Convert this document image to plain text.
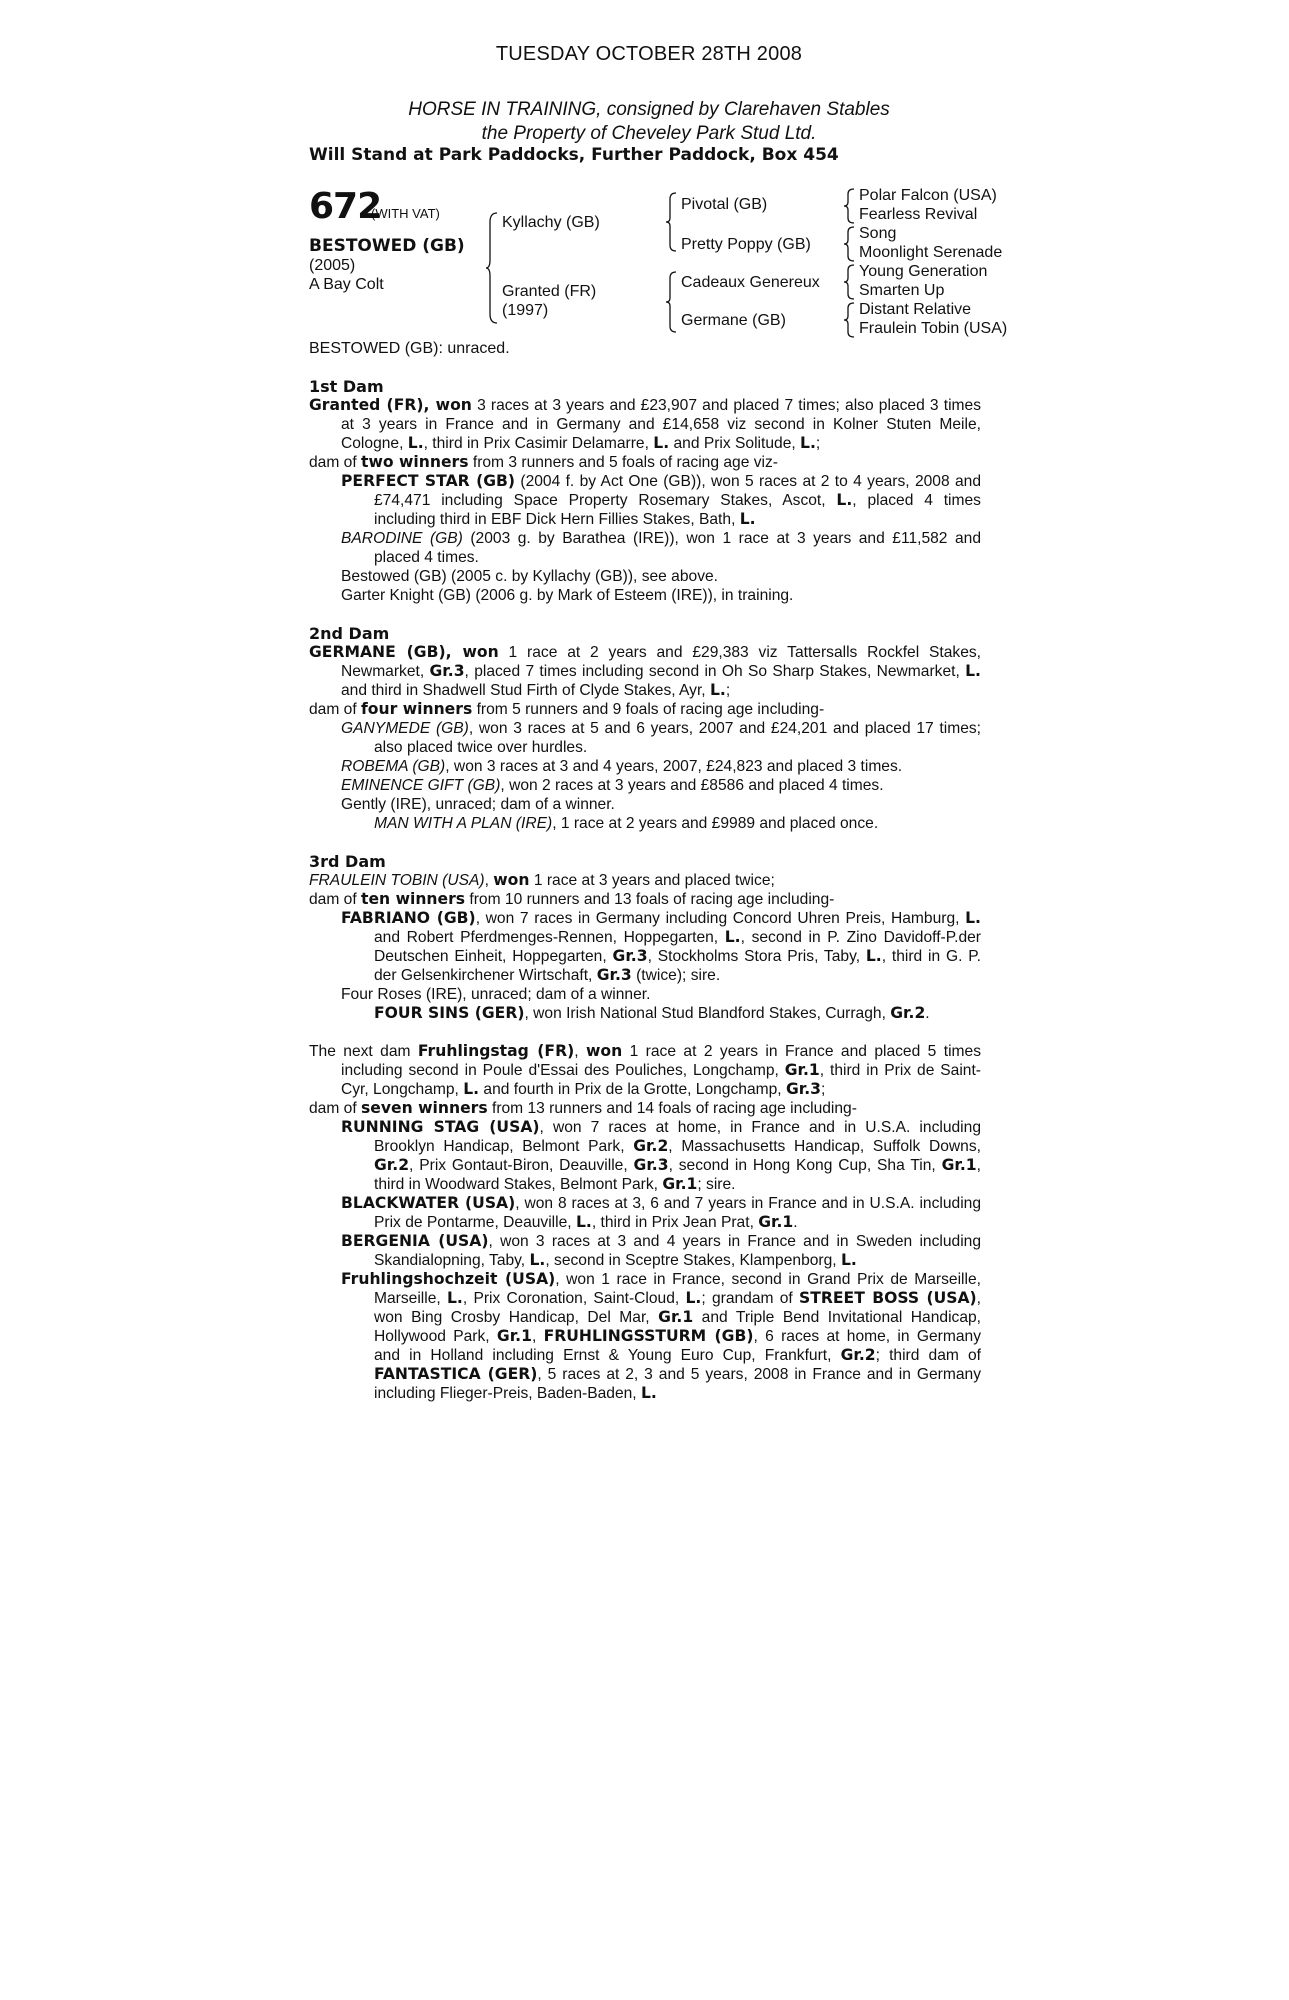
TUESDAY OCTOBER 28TH 2008
HORSE IN TRAINING, consigned by Clarehaven Stables
the Property of Cheveley Park Stud Ltd.
Will Stand at Park Paddocks, Further Paddock, Box 454
672
(WITH VAT)
BESTOWED (GB)
(2005)
A Bay Colt
Kyllachy (GB)
Granted (FR)
(1997)
Pivotal (GB)
Pretty Poppy (GB)
Cadeaux Genereux
Germane (GB)
Polar Falcon (USA)
Fearless Revival
Song
Moonlight Serenade
Young Generation
Smarten Up
Distant Relative
Fraulein Tobin (USA)
BESTOWED (GB): unraced.

1st Dam

Granted (FR), won 3 races at 3 years and £23,907 and placed 7 times; also placed 3 times at 3 years in France and in Germany and £14,658 viz second in Kolner Stuten Meile, Cologne, L., third in Prix Casimir Delamarre, L. and Prix Solitude, L.;

dam of two winners from 3 runners and 5 foals of racing age viz-

PERFECT STAR (GB) (2004 f. by Act One (GB)), won 5 races at 2 to 4 years, 2008 and £74,471 including Space Property Rosemary Stakes, Ascot, L., placed 4 times including third in EBF Dick Hern Fillies Stakes, Bath, L.

BARODINE (GB) (2003 g. by Barathea (IRE)), won 1 race at 3 years and £11,582 and placed 4 times.

Bestowed (GB) (2005 c. by Kyllachy (GB)), see above.

Garter Knight (GB) (2006 g. by Mark of Esteem (IRE)), in training.

2nd Dam

GERMANE (GB), won 1 race at 2 years and £29,383 viz Tattersalls Rockfel Stakes, Newmarket, Gr.3, placed 7 times including second in Oh So Sharp Stakes, Newmarket, L. and third in Shadwell Stud Firth of Clyde Stakes, Ayr, L.;

dam of four winners from 5 runners and 9 foals of racing age including-

GANYMEDE (GB), won 3 races at 5 and 6 years, 2007 and £24,201 and placed 17 times; also placed twice over hurdles.

ROBEMA (GB), won 3 races at 3 and 4 years, 2007, £24,823 and placed 3 times.

EMINENCE GIFT (GB), won 2 races at 3 years and £8586 and placed 4 times.

Gently (IRE), unraced; dam of a winner.

MAN WITH A PLAN (IRE), 1 race at 2 years and £9989 and placed once.

3rd Dam

FRAULEIN TOBIN (USA), won 1 race at 3 years and placed twice;

dam of ten winners from 10 runners and 13 foals of racing age including-

FABRIANO (GB), won 7 races in Germany including Concord Uhren Preis, Hamburg, L. and Robert Pferdmenges-Rennen, Hoppegarten, L., second in P. Zino Davidoff-P.der Deutschen Einheit, Hoppegarten, Gr.3, Stockholms Stora Pris, Taby, L., third in G. P. der Gelsenkirchener Wirtschaft, Gr.3 (twice); sire.

Four Roses (IRE), unraced; dam of a winner.

FOUR SINS (GER), won Irish National Stud Blandford Stakes, Curragh, Gr.2.

The next dam Fruhlingstag (FR), won 1 race at 2 years in France and placed 5 times including second in Poule d'Essai des Pouliches, Longchamp, Gr.1, third in Prix de Saint-Cyr, Longchamp, L. and fourth in Prix de la Grotte, Longchamp, Gr.3;

dam of seven winners from 13 runners and 14 foals of racing age including-

RUNNING STAG (USA), won 7 races at home, in France and in U.S.A. including Brooklyn Handicap, Belmont Park, Gr.2, Massachusetts Handicap, Suffolk Downs, Gr.2, Prix Gontaut-Biron, Deauville, Gr.3, second in Hong Kong Cup, Sha Tin, Gr.1, third in Woodward Stakes, Belmont Park, Gr.1; sire.

BLACKWATER (USA), won 8 races at 3, 6 and 7 years in France and in U.S.A. including Prix de Pontarme, Deauville, L., third in Prix Jean Prat, Gr.1.

BERGENIA (USA), won 3 races at 3 and 4 years in France and in Sweden including Skandialopning, Taby, L., second in Sceptre Stakes, Klampenborg, L.

Fruhlingshochzeit (USA), won 1 race in France, second in Grand Prix de Marseille, Marseille, L., Prix Coronation, Saint-Cloud, L.; grandam of STREET BOSS (USA), won Bing Crosby Handicap, Del Mar, Gr.1 and Triple Bend Invitational Handicap, Hollywood Park, Gr.1, FRUHLINGSSTURM (GB), 6 races at home, in Germany and in Holland including Ernst & Young Euro Cup, Frankfurt, Gr.2; third dam of FANTASTICA (GER), 5 races at 2, 3 and 5 years, 2008 in France and in Germany including Flieger-Preis, Baden-Baden, L.
